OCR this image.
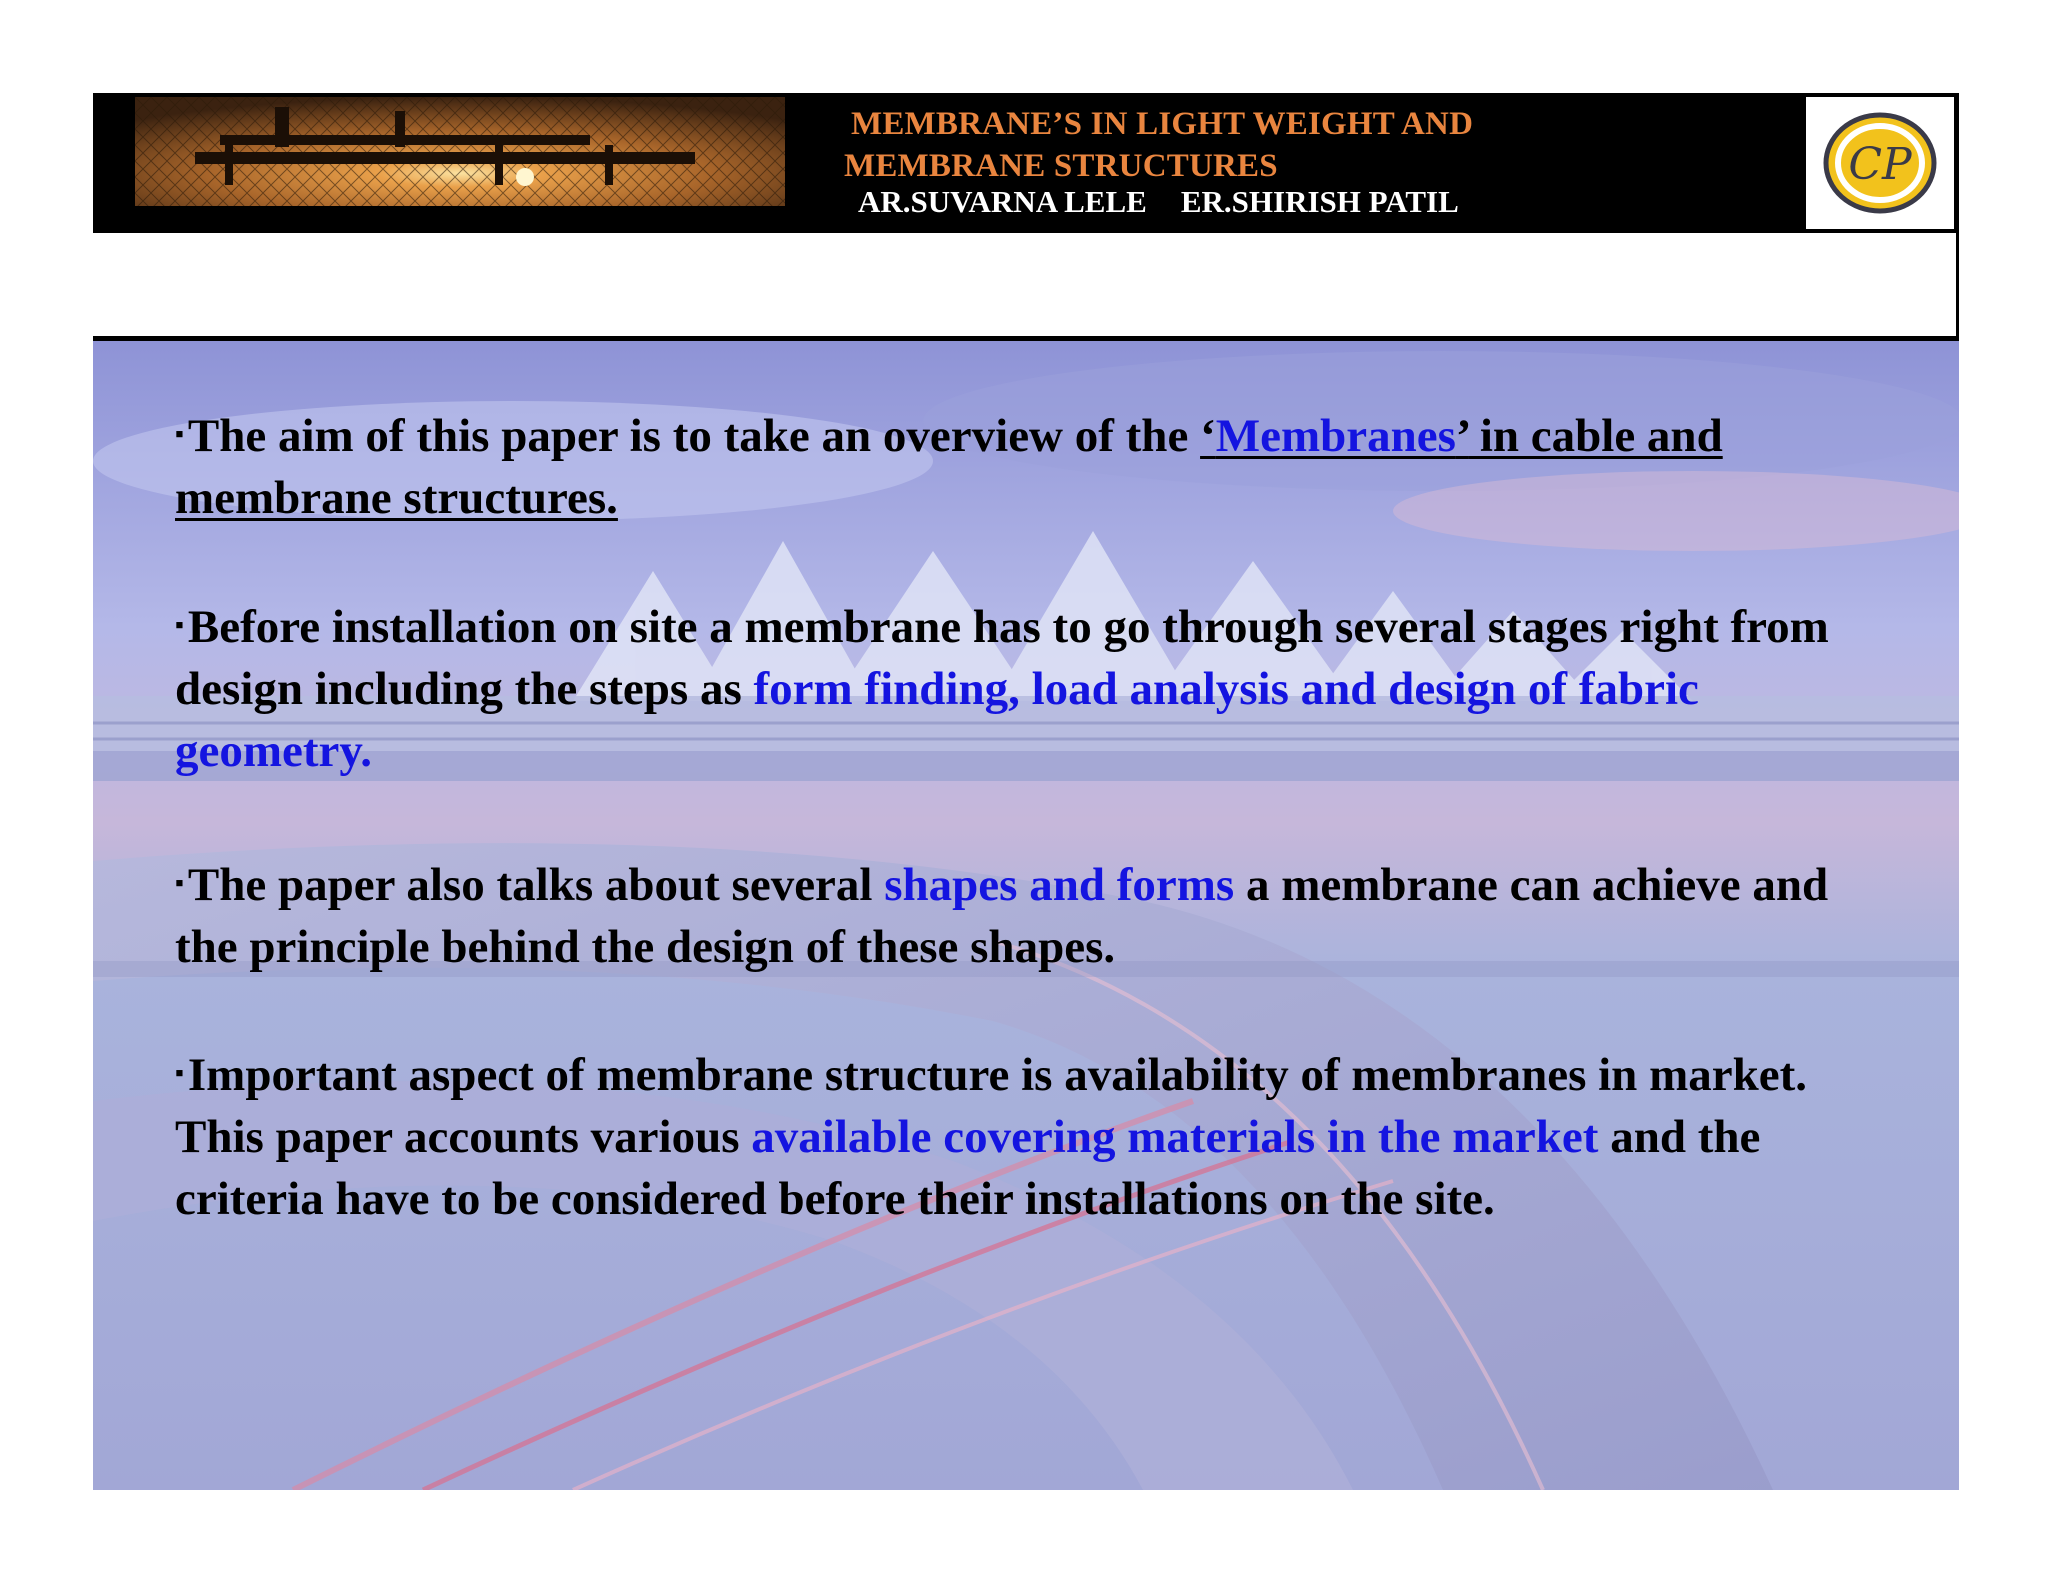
MEMBRANE’S IN LIGHT WEIGHT AND
MEMBRANE STRUCTURES
AR.SUVARNA LELE ER.SHIRISH PATIL
CP
▪The aim of this paper is to take an overview of the ‘Membranes’ in cable and membrane structures.
▪Before installation on site a membrane has to go through several stages right from design including the steps as form finding, load analysis and design of fabric geometry.
▪The paper also talks about several shapes and forms a membrane can achieve and the principle behind the design of these shapes.
▪Important aspect of membrane structure is availability of membranes in market. This paper accounts various available covering materials in the market and the criteria have to be considered before their installations on the site.
